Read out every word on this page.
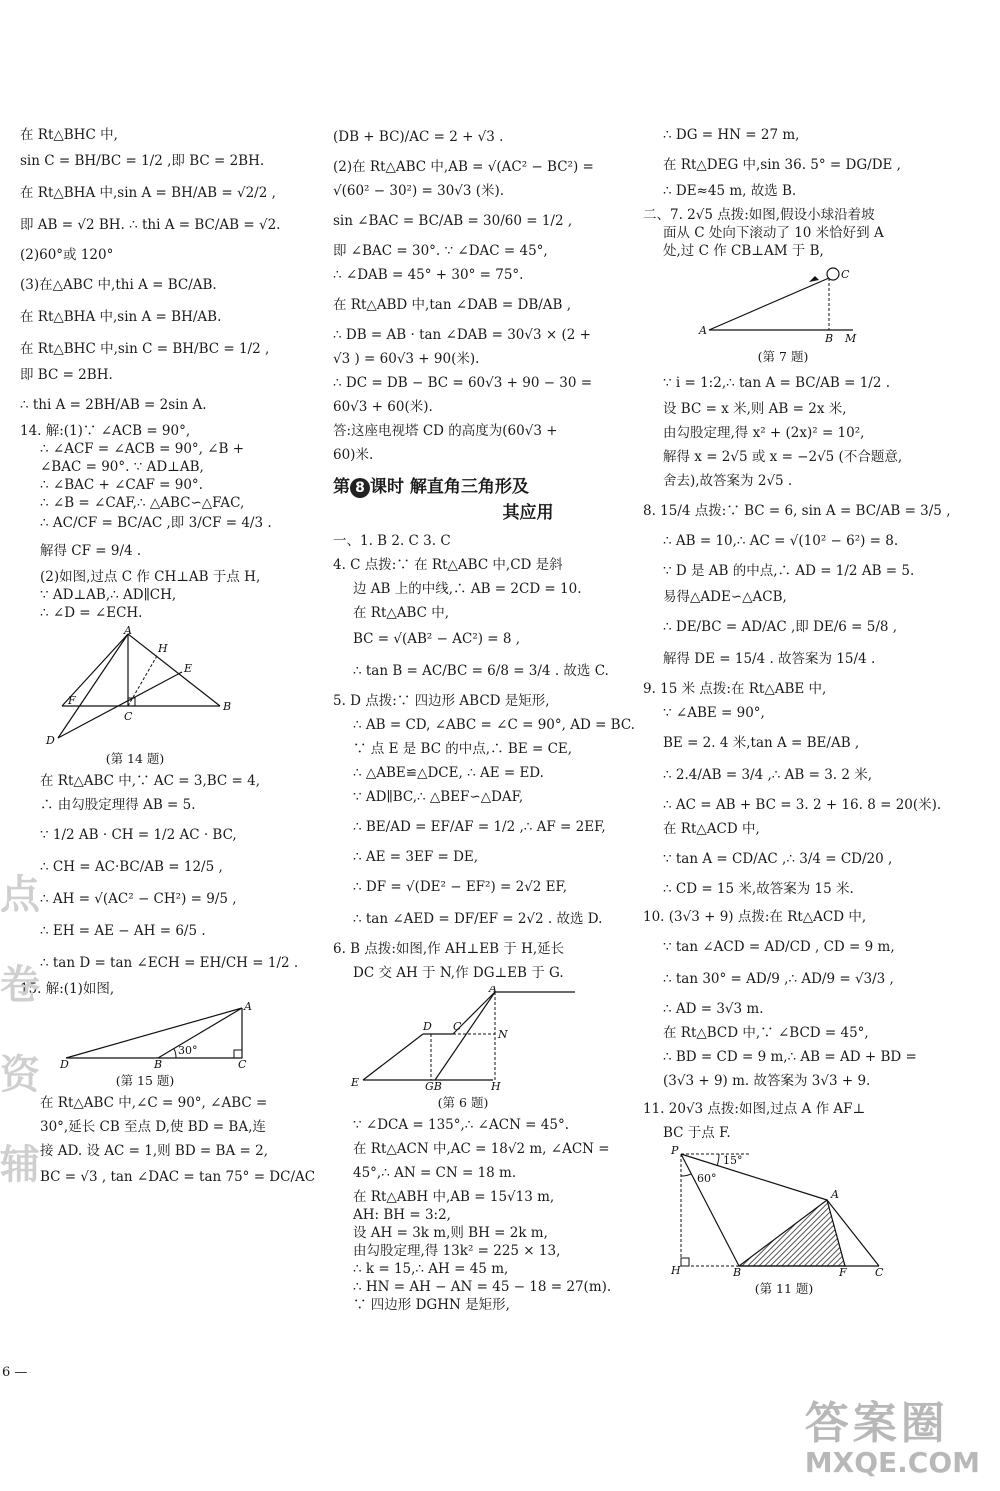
在 Rt△BHC 中,

sin C = BH/BC = 1/2 ,即 BC = 2BH.

在 Rt△BHA 中,sin A = BH/AB = √2/2 ,

即 AB = √2 BH. ∴ thi A = BC/AB = √2.

(2)60°或 120°

(3)在△ABC 中,thi A = BC/AB.

在 Rt△BHA 中,sin A = BH/AB.

在 Rt△BHC 中,sin C = BH/BC = 1/2 ,

即 BC = 2BH.

∴ thi A = 2BH/AB = 2sin A.

14. 解:(1)∵ ∠ACB = 90°,

∴ ∠ACF = ∠ACB = 90°, ∠B +

∠BAC = 90°. ∵ AD⊥AB,

∴ ∠BAC + ∠CAF = 90°.

∴ ∠B = ∠CAF,∴ △ABC∽△FAC,

∴ AC/CF = BC/AC ,即 3/CF = 4/3 .

解得 CF = 9/4 .

(2)如图,过点 C 作 CH⊥AB 于点 H,

∵ AD⊥AB,∴ AD∥CH,

∴ ∠D = ∠ECH.

A
H
E
F
C
B
D
(第 14 题)

在 Rt△ABC 中,∵ AC = 3,BC = 4,

∴ 由勾股定理得 AB = 5.

∵ 1/2 AB · CH = 1/2 AC · BC,

∴ CH = AC·BC/AB = 12/5 ,

∴ AH = √(AC² − CH²) = 9/5 ,

∴ EH = AE − AH = 6/5 .

∴ tan D = tan ∠ECH = EH/CH = 1/2 .

15. 解:(1)如图,

30°
A
D	B	C
(第 15 题)

在 Rt△ABC 中,∠C = 90°, ∠ABC =

30°,延长 CB 至点 D,使 BD = BA,连

接 AD. 设 AC = 1,则 BD = BA = 2,

BC = √3 , tan ∠DAC = tan 75° = DC/AC

(DB + BC)/AC = 2 + √3 .

(2)在 Rt△ABC 中,AB = √(AC² − BC²) =

√(60² − 30²) = 30√3 (米).

sin ∠BAC = BC/AB = 30/60 = 1/2 ,

即 ∠BAC = 30°. ∵ ∠DAC = 45°,

∴ ∠DAB = 45° + 30° = 75°.

在 Rt△ABD 中,tan ∠DAB = DB/AB ,

∴ DB = AB · tan ∠DAB = 30√3 × (2 +

√3 ) = 60√3 + 90(米).

∴ DC = DB − BC = 60√3 + 90 − 30 =

60√3 + 60(米).

答:这座电视塔 CD 的高度为(60√3 +

60)米.

第 8 课时 解直角三角形及
其应用

一、1. B 2. C 3. C

4. C 点拨:∵ 在 Rt△ABC 中,CD 是斜

边 AB 上的中线,∴ AB = 2CD = 10.

在 Rt△ABC 中,

BC = √(AB² − AC²) = 8 ,

∴ tan B = AC/BC = 6/8 = 3/4 . 故选 C.

5. D 点拨:∵ 四边形 ABCD 是矩形,

∴ AB = CD, ∠ABC = ∠C = 90°, AD = BC.

∵ 点 E 是 BC 的中点,∴ BE = CE,

∴ △ABE≌△DCE, ∴ AE = ED.

∵ AD∥BC,∴ △BEF∽△DAF,

∴ BE/AD = EF/AF = 1/2 ,∴ AF = 2EF,

∴ AE = 3EF = DE,

∴ DF = √(DE² − EF²) = 2√2 EF,

∴ tan ∠AED = DF/EF = 2√2 . 故选 D.

6. B 点拨:如图,作 AH⊥EB 于 H,延长

DC 交 AH 于 N,作 DG⊥EB 于 G.

A
D C
N
E	GB	H
(第 6 题)

∵ ∠DCA = 135°,∴ ∠ACN = 45°.

在 Rt△ACN 中,AC = 18√2 m, ∠ACN =

45°,∴ AN = CN = 18 m.

在 Rt△ABH 中,AB = 15√13 m,

AH: BH = 3:2,

设 AH = 3k m,则 BH = 2k m,

由勾股定理,得 13k² = 225 × 13,

∴ k = 15,∴ AH = 45 m,

∴ HN = AH − AN = 45 − 18 = 27(m).

∵ 四边形 DGHN 是矩形,

∴ DG = HN = 27 m,

在 Rt△DEG 中,sin 36. 5° = DG/DE ,

∴ DE≈45 m, 故选 B.

二、7. 2√5 点拨:如图,假设小球沿着坡

面从 C 处向下滚动了 10 米恰好到 A

处,过 C 作 CB⊥AM 于 B,

C
A
B M
(第 7 题)

∵ i = 1:2,∴ tan A = BC/AB = 1/2 .

设 BC = x 米,则 AB = 2x 米,

由勾股定理,得 x² + (2x)² = 10²,

解得 x = 2√5 或 x = −2√5 (不合题意,

舍去),故答案为 2√5 .

8. 15/4 点拨:∵ BC = 6, sin A = BC/AB = 3/5 ,

∴ AB = 10,∴ AC = √(10² − 6²) = 8.

∵ D 是 AB 的中点,∴ AD = 1/2 AB = 5.

易得△ADE∽△ACB,

∴ DE/BC = AD/AC ,即 DE/6 = 5/8 ,

解得 DE = 15/4 . 故答案为 15/4 .

9. 15 米 点拨:在 Rt△ABE 中,

∵ ∠ABE = 90°,

BE = 2. 4 米,tan A = BE/AB ,

∴ 2.4/AB = 3/4 ,∴ AB = 3. 2 米,

∴ AC = AB + BC = 3. 2 + 16. 8 = 20(米).

在 Rt△ACD 中,

∵ tan A = CD/AC ,∴ 3/4 = CD/20 ,

∴ CD = 15 米,故答案为 15 米.

10. (3√3 + 9) 点拨:在 Rt△ACD 中,

∵ tan ∠ACD = AD/CD , CD = 9 m,

∴ tan 30° = AD/9 ,∴ AD/9 = √3/3 ,

∴ AD = 3√3 m.

在 Rt△BCD 中,∵ ∠BCD = 45°,

∴ BD = CD = 9 m,∴ AB = AD + BD =

(3√3 + 9) m. 故答案为 3√3 + 9.

11. 20√3 点拨:如图,过点 A 作 AF⊥

BC 于点 F.

15°
60°
P
A
H	B	F	C
(第 11 题)
6 —
点
卷
资
辅
答案圈
MXQE.COM
